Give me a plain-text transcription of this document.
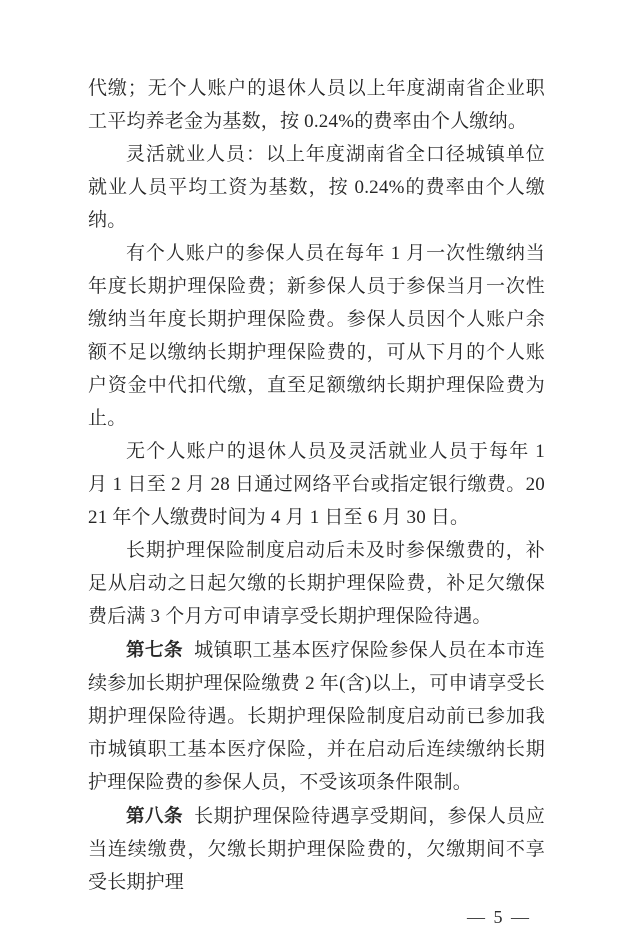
代缴；无个人账户的退休人员以上年度湖南省企业职工平均养老金为基数，按 0.24%的费率由个人缴纳。

灵活就业人员：以上年度湖南省全口径城镇单位就业人员平均工资为基数，按 0.24%的费率由个人缴纳。

有个人账户的参保人员在每年 1 月一次性缴纳当年度长期护理保险费；新参保人员于参保当月一次性缴纳当年度长期护理保险费。参保人员因个人账户余额不足以缴纳长期护理保险费的，可从下月的个人账户资金中代扣代缴，直至足额缴纳长期护理保险费为止。

无个人账户的退休人员及灵活就业人员于每年 1 月 1 日至 2 月 28 日通过网络平台或指定银行缴费。2021 年个人缴费时间为 4 月 1 日至 6 月 30 日。

长期护理保险制度启动后未及时参保缴费的，补足从启动之日起欠缴的长期护理保险费，补足欠缴保费后满 3 个月方可申请享受长期护理保险待遇。

第七条 城镇职工基本医疗保险参保人员在本市连续参加长期护理保险缴费 2 年(含)以上，可申请享受长期护理保险待遇。长期护理保险制度启动前已参加我市城镇职工基本医疗保险，并在启动后连续缴纳长期护理保险费的参保人员，不受该项条件限制。

第八条 长期护理保险待遇享受期间，参保人员应当连续缴费，欠缴长期护理保险费的，欠缴期间不享受长期护理

— 5 —
